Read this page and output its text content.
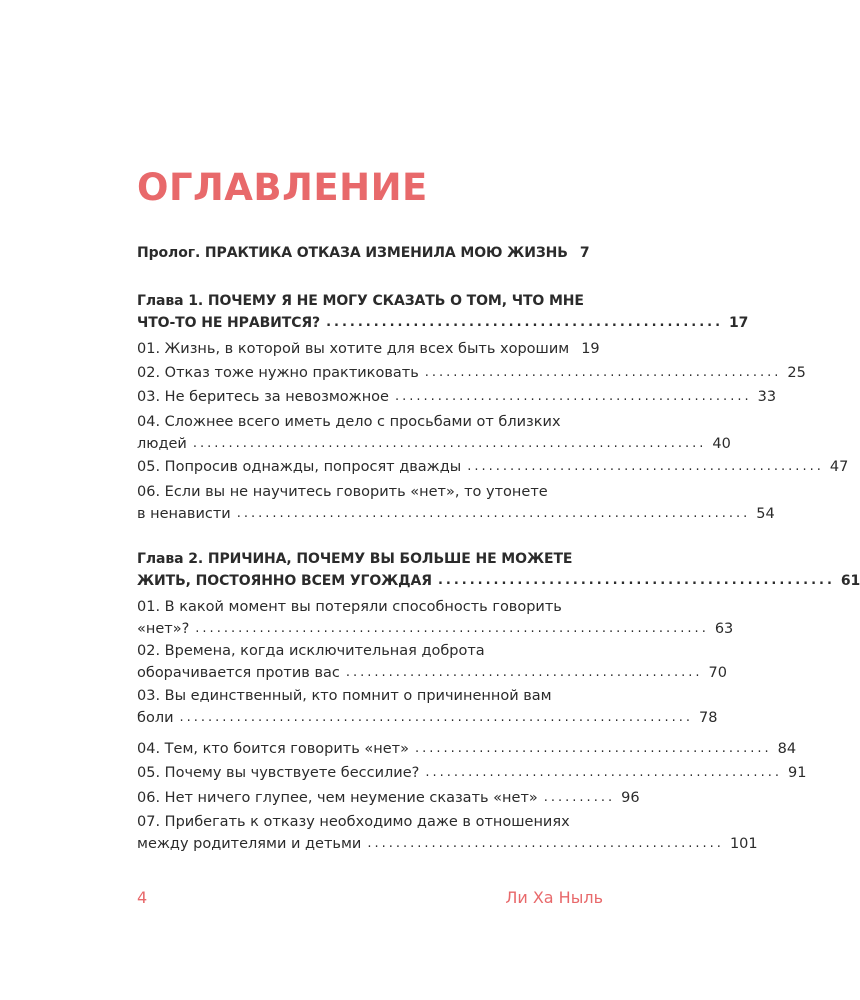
ОГЛАВЛЕНИЕ
Пролог. ПРАКТИКА ОТКАЗА ИЗМЕНИЛА МОЮ ЖИЗНЬ 7
Глава 1. ПОЧЕМУ Я НЕ МОГУ СКАЗАТЬ О ТОМ, ЧТО МНЕ
ЧТО-ТО НЕ НРАВИТСЯ? .................................................. 17
01. Жизнь, в которой вы хотите для всех быть хорошим 19
02. Отказ тоже нужно практиковать .................................................. 25
03. Не беритесь за невозможное .................................................. 33
04. Сложнее всего иметь дело с просьбами от близких
людей ........................................................................ 40
05. Попросив однажды, попросят дважды .................................................. 47
06. Если вы не научитесь говорить «нет», то утонете
в ненависти ........................................................................ 54
Глава 2. ПРИЧИНА, ПОЧЕМУ ВЫ БОЛЬШЕ НЕ МОЖЕТЕ
ЖИТЬ, ПОСТОЯННО ВСЕМ УГОЖДАЯ .................................................. 61
01. В какой момент вы потеряли способность говорить
«нет»? ........................................................................ 63
02. Времена, когда исключительная доброта
оборачивается против вас .................................................. 70
03. Вы единственный, кто помнит о причиненной вам
боли ........................................................................ 78
04. Тем, кто боится говорить «нет» .................................................. 84
05. Почему вы чувствуете бессилие? .................................................. 91
06. Нет ничего глупее, чем неумение сказать «нет» .......... 96
07. Прибегать к отказу необходимо даже в отношениях
между родителями и детьми .................................................. 101
4	Ли Ха Ныль
